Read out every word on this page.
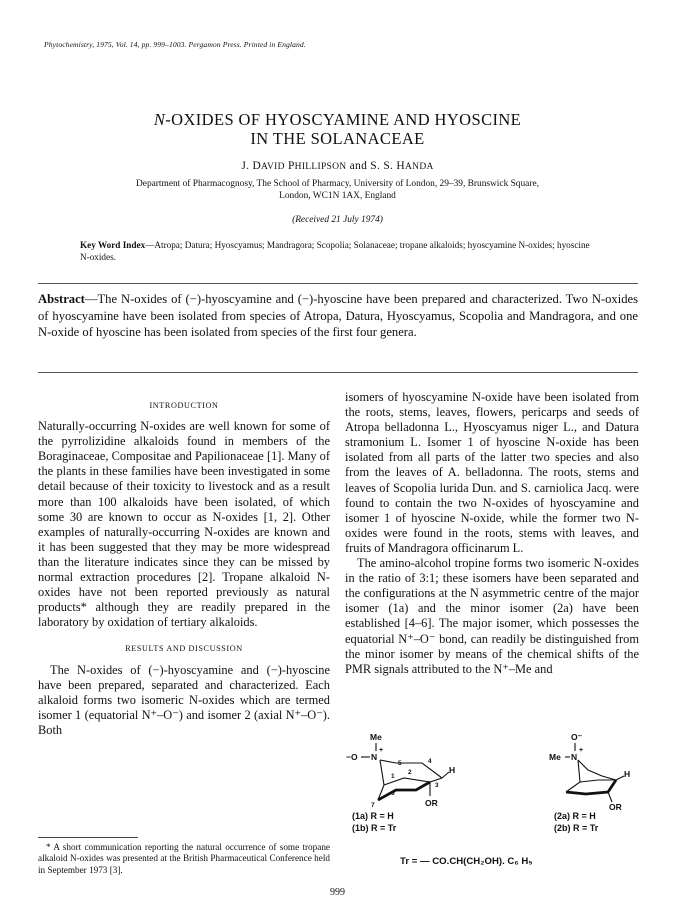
Phytochemistry, 1975, Vol. 14, pp. 999–1003. Pergamon Press. Printed in England.
N-OXIDES OF HYOSCYAMINE AND HYOSCINE
IN THE SOLANACEAE
J. DAVID PHILLIPSON and S. S. HANDA
Department of Pharmacognosy, The School of Pharmacy, University of London, 29–39, Brunswick Square,
London, WC1N 1AX, England
(Received 21 July 1974)
Key Word Index—Atropa; Datura; Hyoscyamus; Mandragora; Scopolia; Solanaceae; tropane alkaloids; hyoscyamine N-oxides; hyoscine N-oxides.
Abstract—The N-oxides of (−)-hyoscyamine and (−)-hyoscine have been prepared and characterized. Two N-oxides of hyoscyamine have been isolated from species of Atropa, Datura, Hyoscyamus, Scopolia and Mandragora, and one N-oxide of hyoscine has been isolated from species of the first four genera.
INTRODUCTION

Naturally-occurring N-oxides are well known for some of the pyrrolizidine alkaloids found in members of the Boraginaceae, Compositae and Papilionaceae [1]. Many of the plants in these families have been investigated in some detail because of their toxicity to livestock and as a result more than 100 alkaloids have been isolated, of which some 30 are known to occur as N-oxides [1, 2]. Other examples of naturally-occurring N-oxides are known and it has been suggested that they may be more widespread than the literature indicates since they can be missed by normal extraction procedures [2]. Tropane alkaloid N-oxides have not been reported previously as natural products* although they are readily prepared in the laboratory by oxidation of tertiary alkaloids.

RESULTS AND DISCUSSION

The N-oxides of (−)-hyoscyamine and (−)-hyoscine have been prepared, separated and characterized. Each alkaloid forms two isomeric N-oxides which are termed isomer 1 (equatorial N⁺–O⁻) and isomer 2 (axial N⁺–O⁻). Both

isomers of hyoscyamine N-oxide have been isolated from the roots, stems, leaves, flowers, pericarps and seeds of Atropa belladonna L., Hyoscyamus niger L., and Datura stramonium L. Isomer 1 of hyoscine N-oxide has been isolated from all parts of the latter two species and also from the leaves of A. belladonna. The roots, stems and leaves of Scopolia lurida Dun. and S. carniolica Jacq. were found to contain the two N-oxides of hyoscyamine and isomer 1 of hyoscine N-oxide, while the former two N-oxides were found in the roots, stems with leaves, and fruits of Mandragora officinarum L.

The amino-alcohol tropine forms two isomeric N-oxides in the ratio of 3:1; these isomers have been separated and the configurations at the N asymmetric centre of the major isomer (1a) and the minor isomer (2a) have been established [4–6]. The major isomer, which possesses the equatorial N⁺–O⁻ bond, can readily be distinguished from the minor isomer by means of the chemical shifts of the PMR signals attributed to the N⁺–Me and

Me
−O N
+
5	4
1
2
3
6
7
H
OR
(1a) R = H
(1b) R = Tr
O⁻
Me N
+
H
OR
(2a) R = H
(2b) R = Tr
Tr = — CO.CH(CH₂OH). C₆ H₅
* A short communication reporting the natural occurrence of some tropane alkaloid N-oxides was presented at the British Pharmaceutical Conference held in September 1973 [3].
999
